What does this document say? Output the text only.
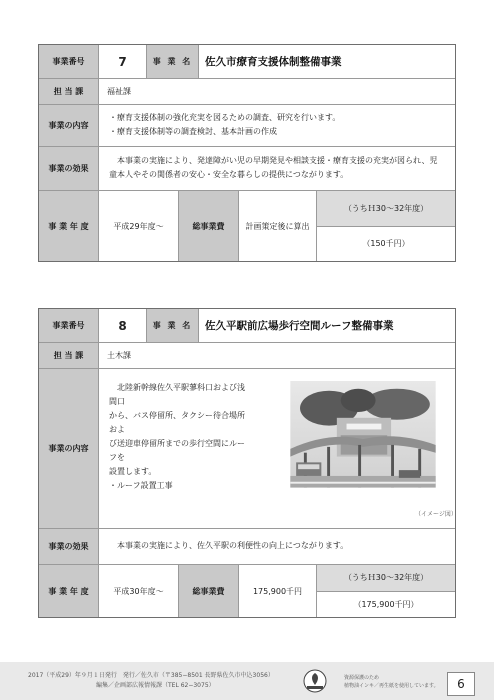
事業番号	7	事 業 名	佐久市療育支援体制整備事業
担 当 課	福祉課
事業の内容
・療育支援体制の強化充実を図るための調査、研究を行います。
・療育支援体制等の調査検討、基本計画の作成
事業の効果
　本事業の実施により、発達障がい児の早期発見や相談支援・療育支援の充実が図られ、児童本人やその関係者の安心・安全な暮らしの提供につながります。
事 業 年 度	平成29年度〜	総事業費	計画策定後に算出
（うちＨ30〜32年度）
（150千円）
事業番号	8	事 業 名	佐久平駅前広場歩行空間ルーフ整備事業
担 当 課	土木課
事業の内容
　北陸新幹線佐久平駅蓼科口および浅間口
から、バス停留所、タクシー待合場所およ
び送迎車停留所までの歩行空間にルーフを
設置します。
・ルーフ設置工事
（イメージ図）
事業の効果	　本事業の実施により、佐久平駅の利便性の向上につながります。
事 業 年 度	平成30年度〜	総事業費	175,900千円
（うちＨ30〜32年度）
（175,900千円）
2017（平成29）年９月１日発行　発行／佐久市（〒385−8501 長野県佐久市中込3056）
編集／企画部広報情報課（TEL 62−3075）
資源保護のため
植物油インキ／再生紙を使用しています。	6
